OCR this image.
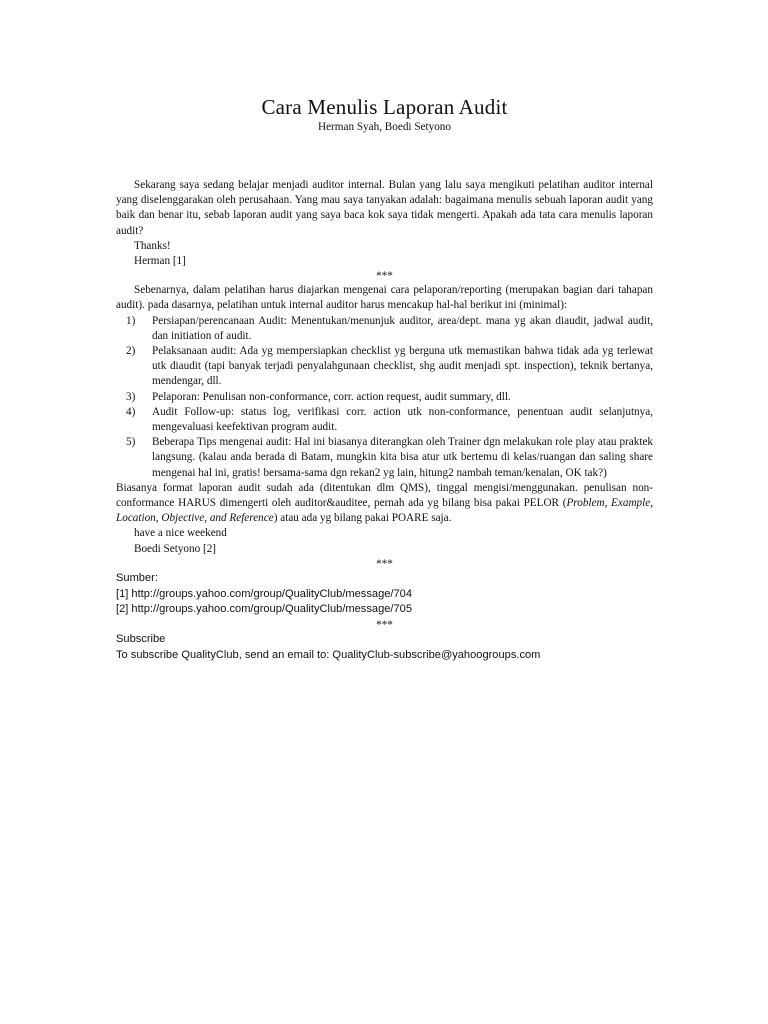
Cara Menulis Laporan Audit
Herman Syah, Boedi Setyono

Sekarang saya sedang belajar menjadi auditor internal. Bulan yang lalu saya mengikuti pelatihan auditor internal yang diselenggarakan oleh perusahaan. Yang mau saya tanyakan adalah: bagaimana menulis sebuah laporan audit yang baik dan benar itu, sebab laporan audit yang saya baca kok saya tidak mengerti. Apakah ada tata cara menulis laporan audit?

Thanks!
Herman [1]
***

Sebenarnya, dalam pelatihan harus diajarkan mengenai cara pelaporan/reporting (merupakan bagian dari tahapan audit). pada dasarnya, pelatihan untuk internal auditor harus mencakup hal-hal berikut ini (minimal):

1) Persiapan/perencanaan Audit: Menentukan/menunjuk auditor, area/dept. mana yg akan diaudit, jadwal audit, dan initiation of audit.
2) Pelaksanaan audit: Ada yg mempersiapkan checklist yg berguna utk memastikan bahwa tidak ada yg terlewat utk diaudit (tapi banyak terjadi penyalahgunaan checklist, shg audit menjadi spt. inspection), teknik bertanya, mendengar, dll.
3) Pelaporan: Penulisan non-conformance, corr. action request, audit summary, dll.
4) Audit Follow-up: status log, verifikasi corr. action utk non-conformance, penentuan audit selanjutnya, mengevaluasi keefektivan program audit.
5) Beberapa Tips mengenai audit: Hal ini biasanya diterangkan oleh Trainer dgn melakukan role play atau praktek langsung. (kalau anda berada di Batam, mungkin kita bisa atur utk bertemu di kelas/ruangan dan saling share mengenai hal ini, gratis! bersama-sama dgn rekan2 yg lain, hitung2 nambah teman/kenalan, OK tak?)

Biasanya format laporan audit sudah ada (ditentukan dlm QMS), tinggal mengisi/menggunakan. penulisan non-conformance HARUS dimengerti oleh auditor&auditee, pernah ada yg bilang bisa pakai PELOR (Problem, Example, Location, Objective, and Reference) atau ada yg bilang pakai POARE saja.

have a nice weekend
Boedi Setyono [2]
***

Sumber:

[1] http://groups.yahoo.com/group/QualityClub/message/704

[2] http://groups.yahoo.com/group/QualityClub/message/705

***

Subscribe

To subscribe QualityClub, send an email to: QualityClub-subscribe@yahoogroups.com
